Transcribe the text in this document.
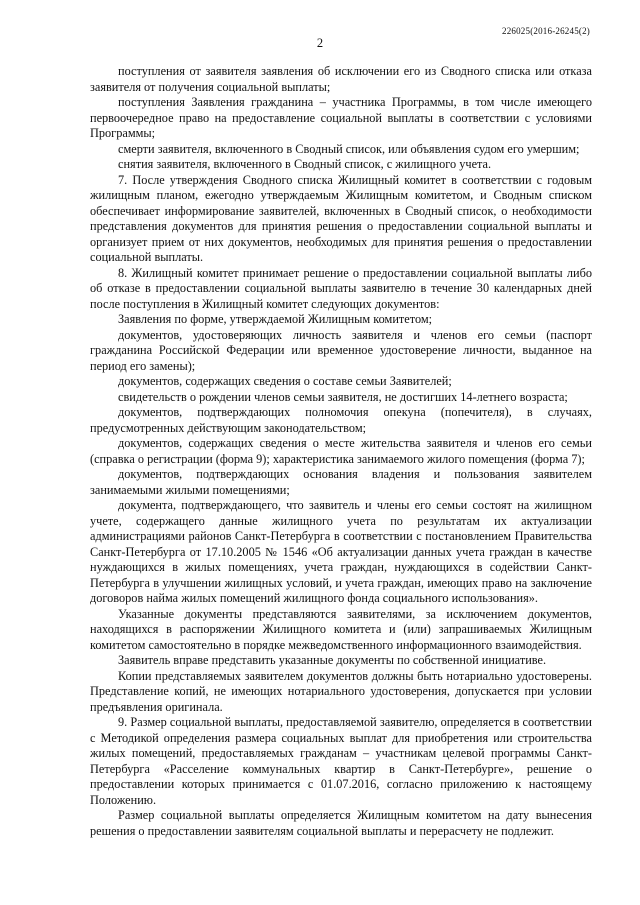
226025(2016-26245(2)
2

поступления от заявителя заявления об исключении его из Сводного списка или отказа заявителя от получения социальной выплаты;

поступления Заявления гражданина – участника Программы, в том числе имеющего первоочередное право на предоставление социальной выплаты в соответствии с условиями Программы;

смерти заявителя, включенного в Сводный список, или объявления судом его умершим;

снятия заявителя, включенного в Сводный список, с жилищного учета.

7. После утверждения Сводного списка Жилищный комитет в соответствии с годовым жилищным планом, ежегодно утверждаемым Жилищным комитетом, и Сводным списком обеспечивает информирование заявителей, включенных в Сводный список, о необходимости представления документов для принятия решения о предоставлении социальной выплаты и организует прием от них документов, необходимых для принятия решения о предоставлении социальной выплаты.

8. Жилищный комитет принимает решение о предоставлении социальной выплаты либо об отказе в предоставлении социальной выплаты заявителю в течение 30 календарных дней после поступления в Жилищный комитет следующих документов:

Заявления по форме, утверждаемой Жилищным комитетом;

документов, удостоверяющих личность заявителя и членов его семьи (паспорт гражданина Российской Федерации или временное удостоверение личности, выданное на период его замены);

документов, содержащих сведения о составе семьи Заявителей;

свидетельств о рождении членов семьи заявителя, не достигших 14-летнего возраста;

документов, подтверждающих полномочия опекуна (попечителя), в случаях, предусмотренных действующим законодательством;

документов, содержащих сведения о месте жительства заявителя и членов его семьи (справка о регистрации (форма 9); характеристика занимаемого жилого помещения (форма 7);

документов, подтверждающих основания владения и пользования заявителем занимаемыми жилыми помещениями;

документа, подтверждающего, что заявитель и члены его семьи состоят на жилищном учете, содержащего данные жилищного учета по результатам их актуализации администрациями районов Санкт-Петербурга в соответствии с постановлением Правительства Санкт-Петербурга от 17.10.2005 № 1546 «Об актуализации данных учета граждан в качестве нуждающихся в жилых помещениях, учета граждан, нуждающихся в содействии Санкт-Петербурга в улучшении жилищных условий, и учета граждан, имеющих право на заключение договоров найма жилых помещений жилищного фонда социального использования».

Указанные документы представляются заявителями, за исключением документов, находящихся в распоряжении Жилищного комитета и (или) запрашиваемых Жилищным комитетом самостоятельно в порядке межведомственного информационного взаимодействия.

Заявитель вправе представить указанные документы по собственной инициативе.

Копии представляемых заявителем документов должны быть нотариально удостоверены. Представление копий, не имеющих нотариального удостоверения, допускается при условии предъявления оригинала.

9. Размер социальной выплаты, предоставляемой заявителю, определяется в соответствии с Методикой определения размера социальных выплат для приобретения или строительства жилых помещений, предоставляемых гражданам – участникам целевой программы Санкт-Петербурга «Расселение коммунальных квартир в Санкт-Петербурге», решение о предоставлении которых принимается с 01.07.2016, согласно приложению к настоящему Положению.

Размер социальной выплаты определяется Жилищным комитетом на дату вынесения решения о предоставлении заявителям социальной выплаты и перерасчету не подлежит.
